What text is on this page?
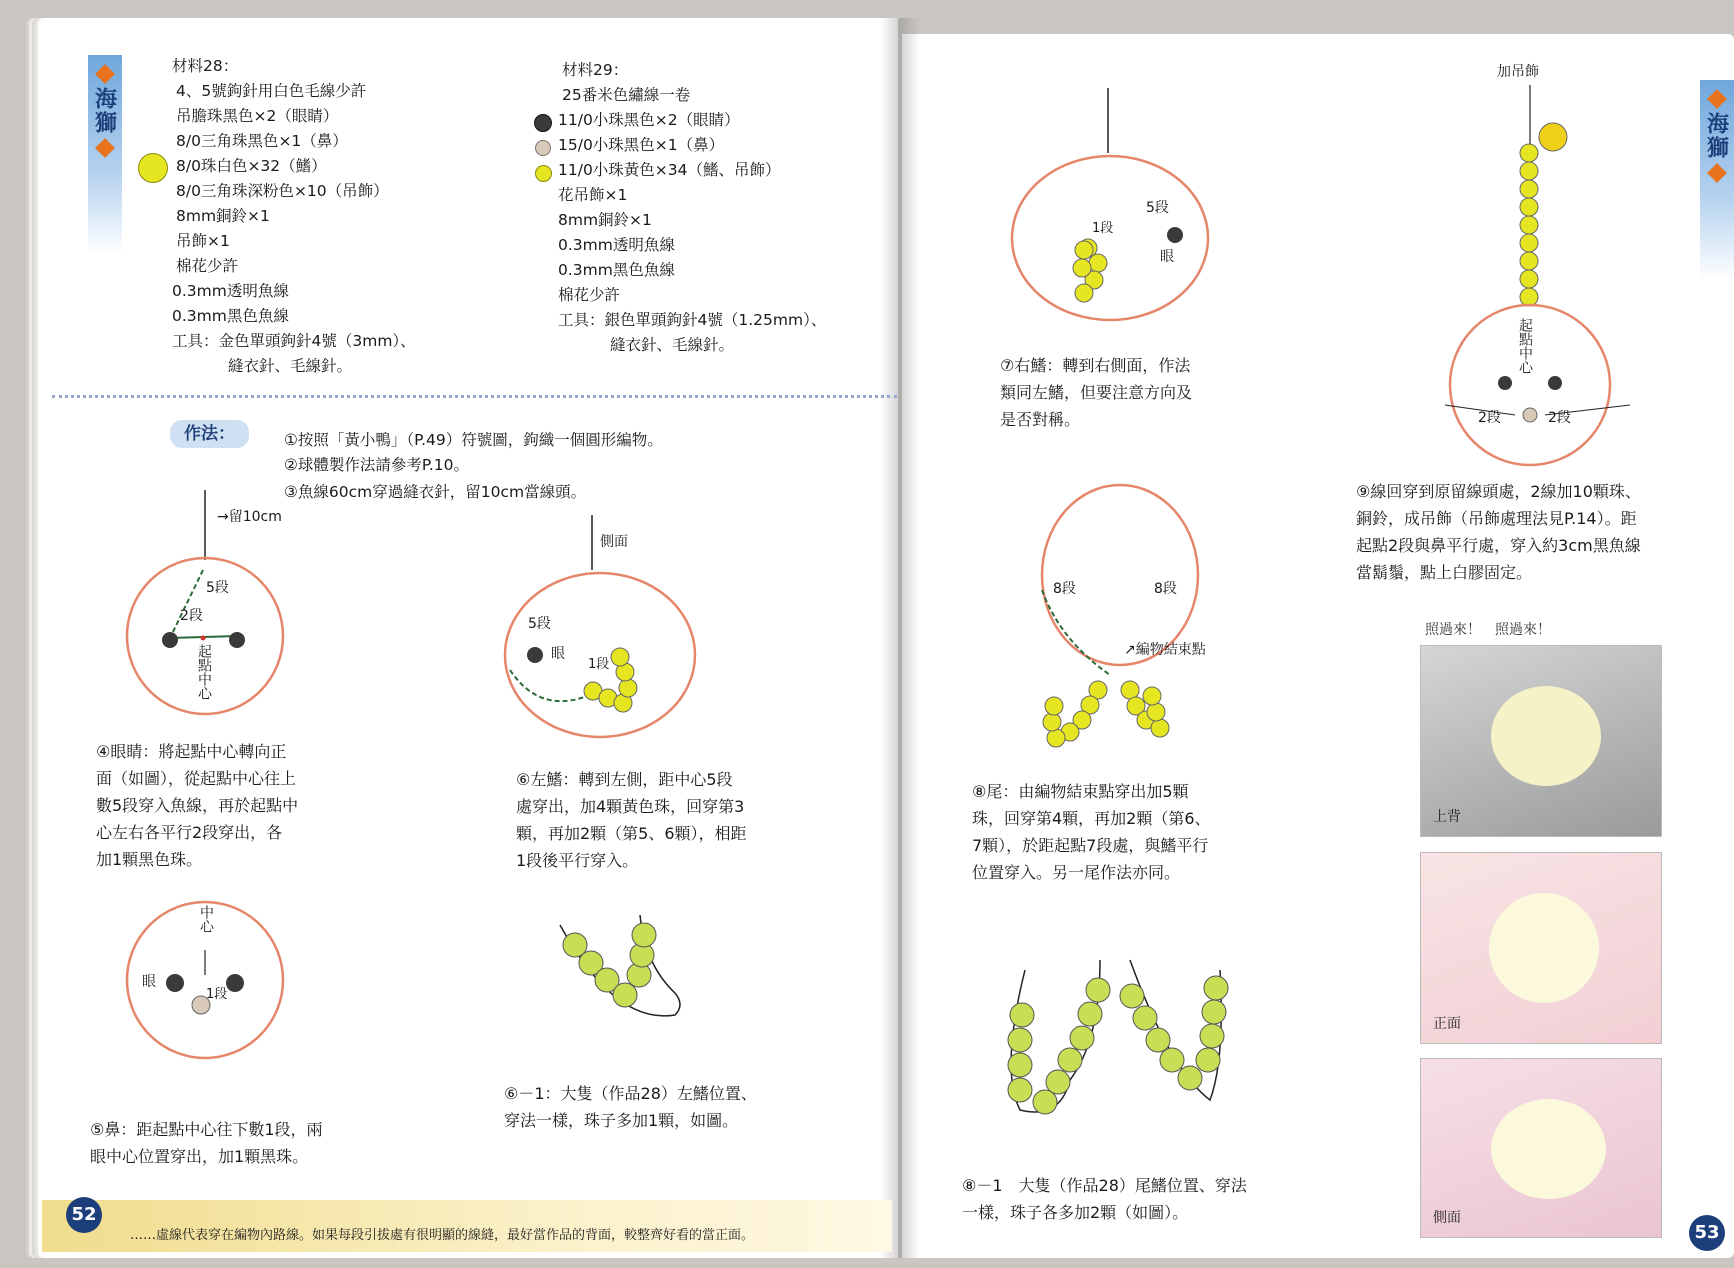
海獅
海獅
材料28：
4、5號鉤針用白色毛線少許
吊膽珠黑色×2（眼睛）
8/0三角珠黑色×1（鼻）
8/0珠白色×32（鰭）
8/0三角珠深粉色×10（吊飾）
8mm銅鈴×1
吊飾×1
棉花少許
0.3mm透明魚線
0.3mm黑色魚線
工具：金色單頭鉤針4號（3mm）、
縫衣針、毛線針。
材料29：
25番米色繡線一卷
11/0小珠黑色×2（眼睛）
15/0小珠黑色×1（鼻）
11/0小珠黃色×34（鰭、吊飾）
花吊飾×1
8mm銅鈴×1
0.3mm透明魚線
0.3mm黑色魚線
棉花少許
工具：銀色單頭鉤針4號（1.25mm）、
縫衣針、毛線針。
作法：	①按照「黃小鴨」（P.49）符號圖，鉤織一個圓形編物。
②球體製作法請參考P.10。
③魚線60cm穿過縫衣針，留10cm當線頭。
→留10cm
5段
2段
起點中心
側面
5段
眼
1段
中心
眼
1段
④眼睛：將起點中心轉向正
面（如圖），從起點中心往上
數5段穿入魚線，再於起點中
心左右各平行2段穿出，各
加1顆黑色珠。
⑥左鰭：轉到左側，距中心5段
處穿出，加4顆黃色珠，回穿第3
顆，再加2顆（第5、6顆），相距
1段後平行穿入。
⑥－1：大隻（作品28）左鰭位置、
穿法一樣，珠子多加1顆，如圖。
⑤鼻：距起點中心往下數1段，兩
眼中心位置穿出，加1顆黑珠。
52
……虛線代表穿在編物內路線。如果每段引拔處有很明顯的線縫，最好當作品的背面，較整齊好看的當正面。	53
5段
眼
1段
⑦右鰭：轉到右側面，作法
類同左鰭，但要注意方向及
是否對稱。
8段	8段
↗編物結束點
⑧尾：由編物結束點穿出加5顆
珠，回穿第4顆，再加2顆（第6、
7顆），於距起點7段處，與鰭平行
位置穿入。另一尾作法亦同。
⑧－1　大隻（作品28）尾鰭位置、穿法
一樣，珠子各多加2顆（如圖）。
加吊飾
起點中心
2段	2段
⑨線回穿到原留線頭處，2線加10顆珠、
銅鈴，成吊飾（吊飾處理法見P.14）。距
起點2段與鼻平行處，穿入約3cm黑魚線
當鬍鬚，點上白膠固定。
照過來！　照過來！
上背
正面
側面
